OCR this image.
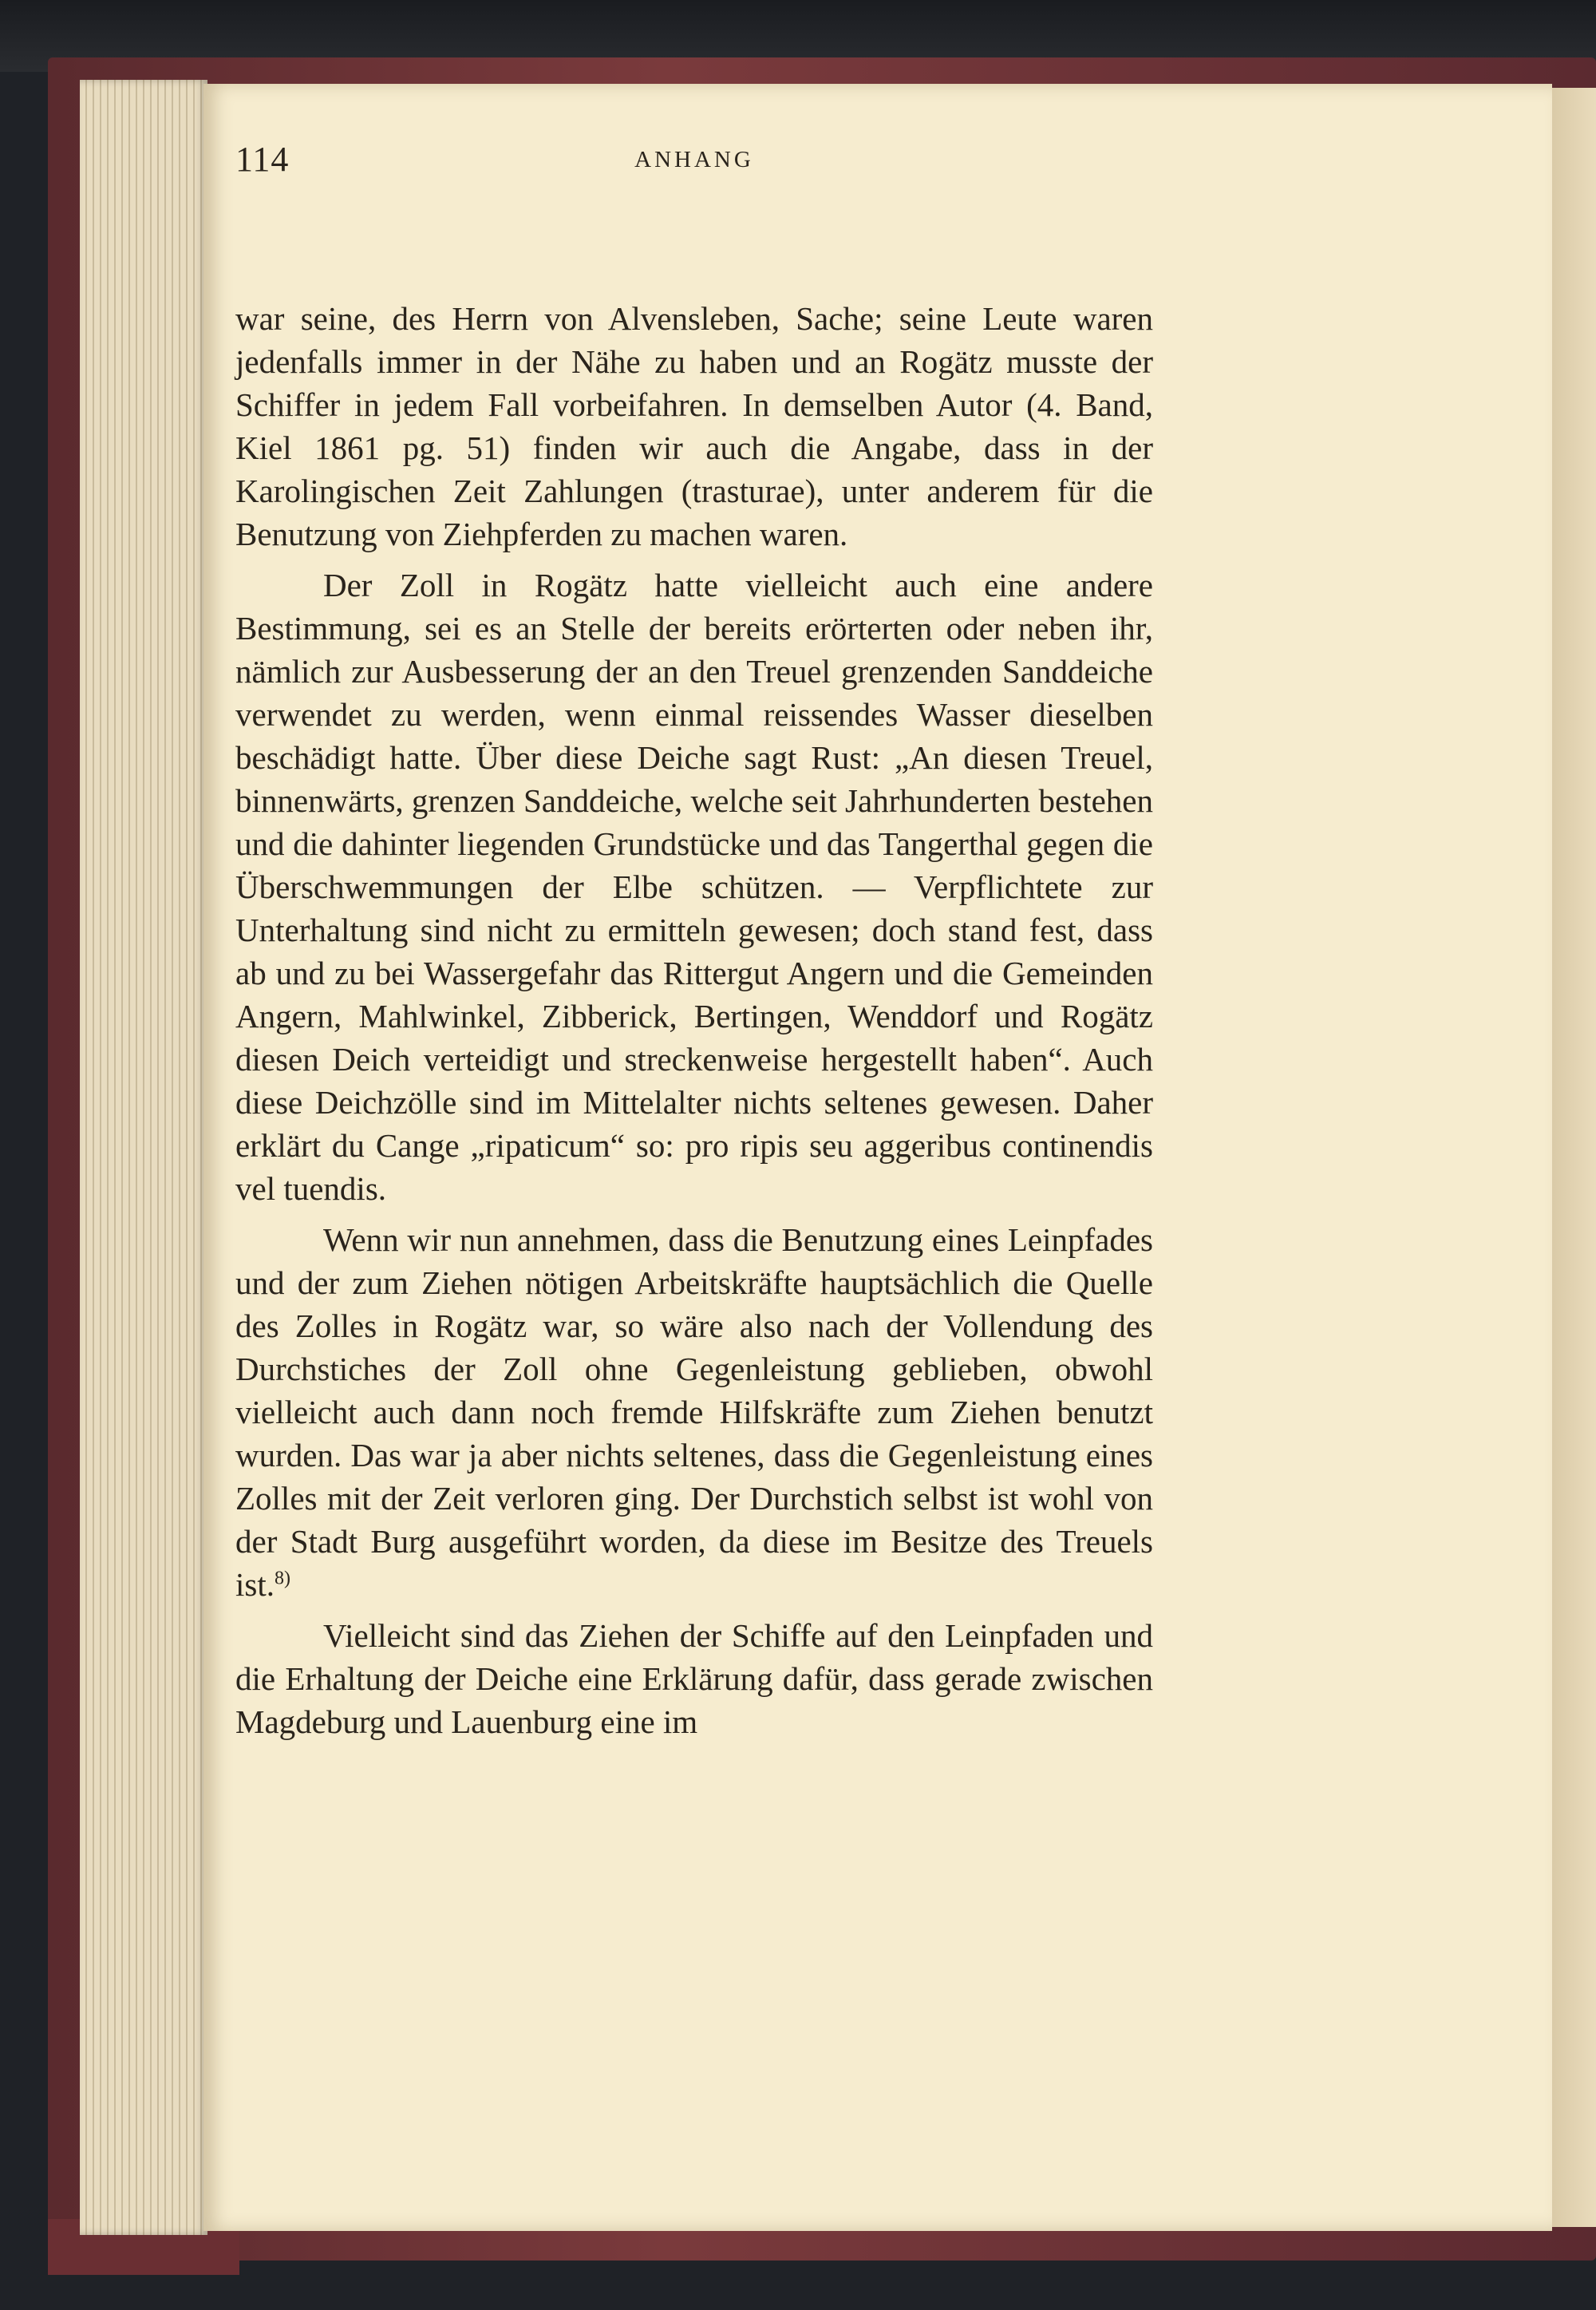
114	ANHANG

war seine, des Herrn von Alvensleben, Sache; seine Leute waren jedenfalls immer in der Nähe zu haben und an Rogätz musste der Schiffer in jedem Fall vorbeifahren. In demselben Autor (4. Band, Kiel 1861 pg. 51) finden wir auch die Angabe, dass in der Karolingischen Zeit Zahlungen (trasturae), unter anderem für die Benutzung von Ziehpferden zu machen waren.

Der Zoll in Rogätz hatte vielleicht auch eine andere Bestimmung, sei es an Stelle der bereits erörterten oder neben ihr, nämlich zur Ausbesserung der an den Treuel grenzenden Sanddeiche verwendet zu werden, wenn einmal reissendes Wasser dieselben beschädigt hatte. Über diese Deiche sagt Rust: „An diesen Treuel, binnenwärts, grenzen Sanddeiche, welche seit Jahrhunderten bestehen und die dahinter liegenden Grundstücke und das Tangerthal gegen die Überschwemmungen der Elbe schützen. — Verpflichtete zur Unterhaltung sind nicht zu ermitteln gewesen; doch stand fest, dass ab und zu bei Wassergefahr das Rittergut Angern und die Gemeinden Angern, Mahlwinkel, Zibberick, Bertingen, Wenddorf und Rogätz diesen Deich verteidigt und streckenweise hergestellt haben“. Auch diese Deichzölle sind im Mittelalter nichts seltenes gewesen. Daher erklärt du Cange „ripaticum“ so: pro ripis seu aggeribus continendis vel tuendis.

Wenn wir nun annehmen, dass die Benutzung eines Leinpfades und der zum Ziehen nötigen Arbeitskräfte hauptsächlich die Quelle des Zolles in Rogätz war, so wäre also nach der Vollendung des Durchstiches der Zoll ohne Gegenleistung geblieben, obwohl vielleicht auch dann noch fremde Hilfskräfte zum Ziehen benutzt wurden. Das war ja aber nichts seltenes, dass die Gegenleistung eines Zolles mit der Zeit verloren ging. Der Durchstich selbst ist wohl von der Stadt Burg ausgeführt worden, da diese im Besitze des Treuels ist.$^{8)}$

Vielleicht sind das Ziehen der Schiffe auf den Leinpfaden und die Erhaltung der Deiche eine Erklärung dafür, dass gerade zwischen Magdeburg und Lauenburg eine im
